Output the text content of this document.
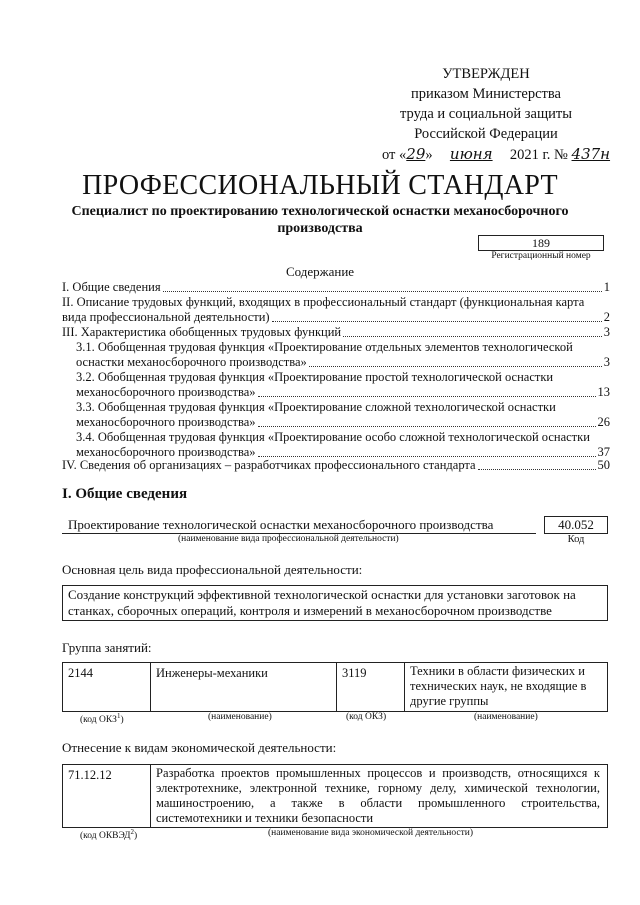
УТВЕРЖДЕН
приказом Министерства
труда и социальной защиты
Российской Федерации
от «29» июня 2021 г. № 437н
ПРОФЕССИОНАЛЬНЫЙ СТАНДАРТ
Специалист по проектированию технологической оснастки механосборочного производства
189
Регистрационный номер
Содержание
I. Общие сведения	1
II. Описание трудовых функций, входящих в профессиональный стандарт (функциональная карта
вида профессиональной деятельности)	2
III. Характеристика обобщенных трудовых функций	3
3.1. Обобщенная трудовая функция «Проектирование отдельных элементов технологической
оснастки механосборочного производства»	3
3.2. Обобщенная трудовая функция «Проектирование простой технологической оснастки
механосборочного производства»	13
3.3. Обобщенная трудовая функция «Проектирование сложной технологической оснастки
механосборочного производства»	26
3.4. Обобщенная трудовая функция «Проектирование особо сложной технологической оснастки
механосборочного производства»	37
IV. Сведения об организациях – разработчиках профессионального стандарта	50
I. Общие сведения
Проектирование технологической оснастки механосборочного производства
(наименование вида профессиональной деятельности)
40.052
Код
Основная цель вида профессиональной деятельности:
Создание конструкций эффективной технологической оснастки для установки заготовок на
станках, сборочных операций, контроля и измерений в механосборочном производстве
Группа занятий:
2144	Инженеры-механики	3119	Техники в области физических и технических наук, не входящие в другие группы
(код ОКЗ$^1$)	(наименование)	(код ОКЗ)	(наименование)
Отнесение к видам экономической деятельности:
71.12.12	Разработка проектов промышленных процессов и производств, относящихся к электротехнике, электронной технике, горному делу, химической технологии, машиностроению, а также в области промышленного строительства, системотехники и техники безопасности
(код ОКВЭД$^2$)	(наименование вида экономической деятельности)
